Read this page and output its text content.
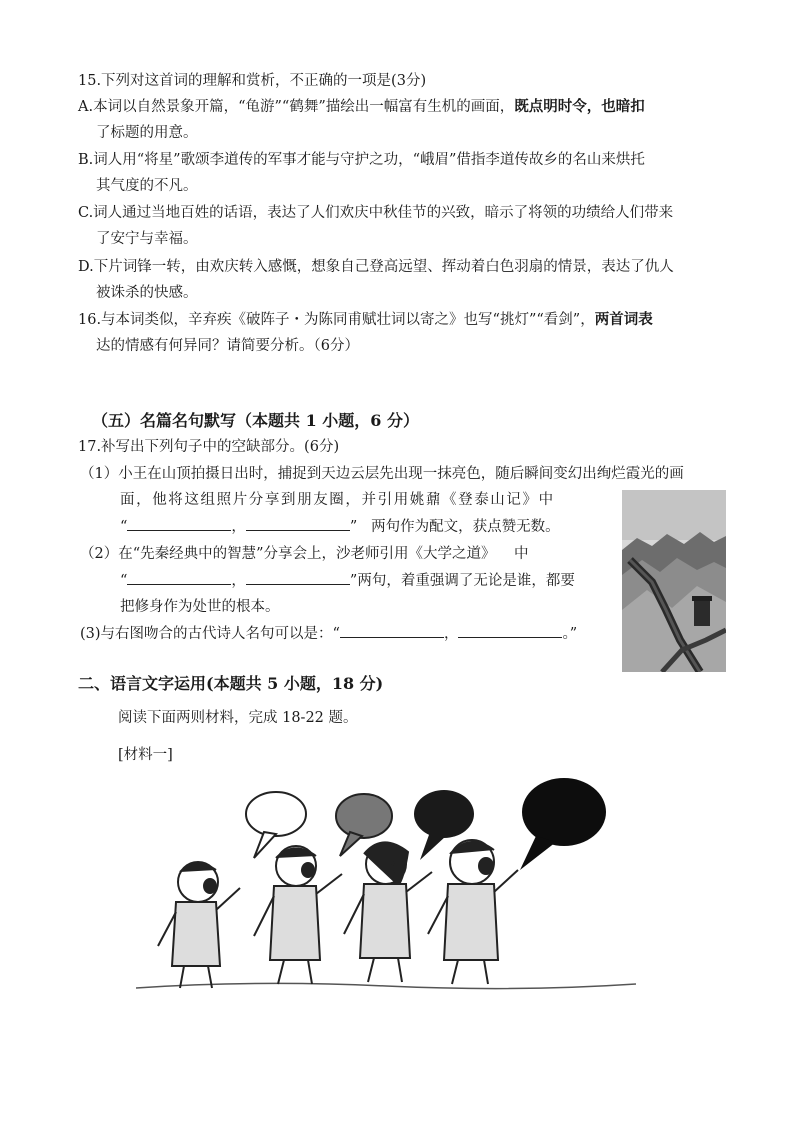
15.下列对这首词的理解和赏析，不正确的一项是(3分)
A.本词以自然景象开篇，“龟游”“鹤舞”描绘出一幅富有生机的画面，既点明时令，也暗扣
了标题的用意。
B.词人用“将星”歌颂李道传的军事才能与守护之功，“峨眉”借指李道传故乡的名山来烘托
其气度的不凡。
C.词人通过当地百姓的话语，表达了人们欢庆中秋佳节的兴致，暗示了将领的功绩给人们带来
了安宁与幸福。
D.下片词锋一转，由欢庆转入感慨，想象自己登高远望、挥动着白色羽扇的情景，表达了仇人
被诛杀的快感。
16.与本词类似，辛弃疾《破阵子・为陈同甫赋壮词以寄之》也写“挑灯”“看剑”，两首词表
达的情感有何异同？请简要分析。（6分）
（五）名篇名句默写（本题共 1 小题，6 分）
17.补写出下列句子中的空缺部分。(6分)
（1）小王在山顶拍摄日出时，捕捉到天边云层先出现一抹亮色，随后瞬间变幻出绚烂霞光的画
面，他将这组照片分享到朋友圈，并引用姚鼐《登泰山记》中
“	，	” 两句作为配文，获点赞无数。
（2）在“先秦经典中的智慧”分享会上，沙老师引用《大学之道》 中
“	，	”两句，着重强调了无论是谁，都要
把修身作为处世的根本。
(3)与右图吻合的古代诗人名句可以是：“	，	。”
二、语言文字运用(本题共 5 小题，18 分)
阅读下面两则材料，完成 18-22 题。
[材料一]
